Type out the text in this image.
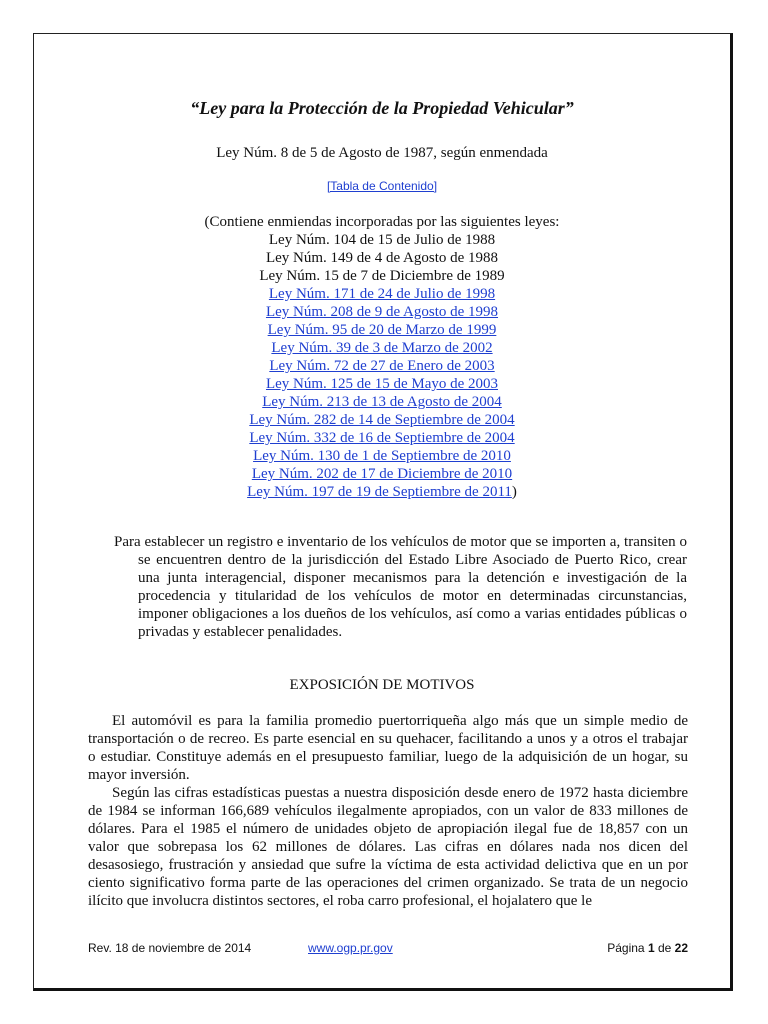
“Ley para la Protección de la Propiedad Vehicular”
Ley Núm. 8 de 5 de Agosto de 1987, según enmendada
[Tabla de Contenido]
(Contiene enmiendas incorporadas por las siguientes leyes:
Ley Núm. 104 de 15 de Julio de 1988
Ley Núm. 149 de 4 de Agosto de 1988
Ley Núm. 15 de 7 de Diciembre de 1989
Ley Núm. 171 de 24 de Julio de 1998
Ley Núm. 208 de 9 de Agosto de 1998
Ley Núm. 95 de 20 de Marzo de 1999
Ley Núm. 39 de 3 de Marzo de 2002
Ley Núm. 72 de 27 de Enero de 2003
Ley Núm. 125 de 15 de Mayo de 2003
Ley Núm. 213 de 13 de Agosto de 2004
Ley Núm. 282 de 14 de Septiembre de 2004
Ley Núm. 332 de 16 de Septiembre de 2004
Ley Núm. 130 de 1 de Septiembre de 2010
Ley Núm. 202 de 17 de Diciembre de 2010
Ley Núm. 197 de 19 de Septiembre de 2011)

Para establecer un registro e inventario de los vehículos de motor que se importen a, transiten o se encuentren dentro de la jurisdicción del Estado Libre Asociado de Puerto Rico, crear una junta interagencial, disponer mecanismos para la detención e investigación de la procedencia y titularidad de los vehículos de motor en determinadas circunstancias, imponer obligaciones a los dueños de los vehículos, así como a varias entidades públicas o privadas y establecer penalidades.

EXPOSICIÓN DE MOTIVOS

El automóvil es para la familia promedio puertorriqueña algo más que un simple medio de transportación o de recreo. Es parte esencial en su quehacer, facilitando a unos y a otros el trabajar o estudiar. Constituye además en el presupuesto familiar, luego de la adquisición de un hogar, su mayor inversión.

Según las cifras estadísticas puestas a nuestra disposición desde enero de 1972 hasta diciembre de 1984 se informan 166,689 vehículos ilegalmente apropiados, con un valor de 833 millones de dólares. Para el 1985 el número de unidades objeto de apropiación ilegal fue de 18,857 con un valor que sobrepasa los 62 millones de dólares. Las cifras en dólares nada nos dicen del desasosiego, frustración y ansiedad que sufre la víctima de esta actividad delictiva que en un por ciento significativo forma parte de las operaciones del crimen organizado. Se trata de un negocio ilícito que involucra distintos sectores, el roba carro profesional, el hojalatero que le

Rev. 18 de noviembre de 2014	www.ogp.pr.gov	Página 1 de 22
